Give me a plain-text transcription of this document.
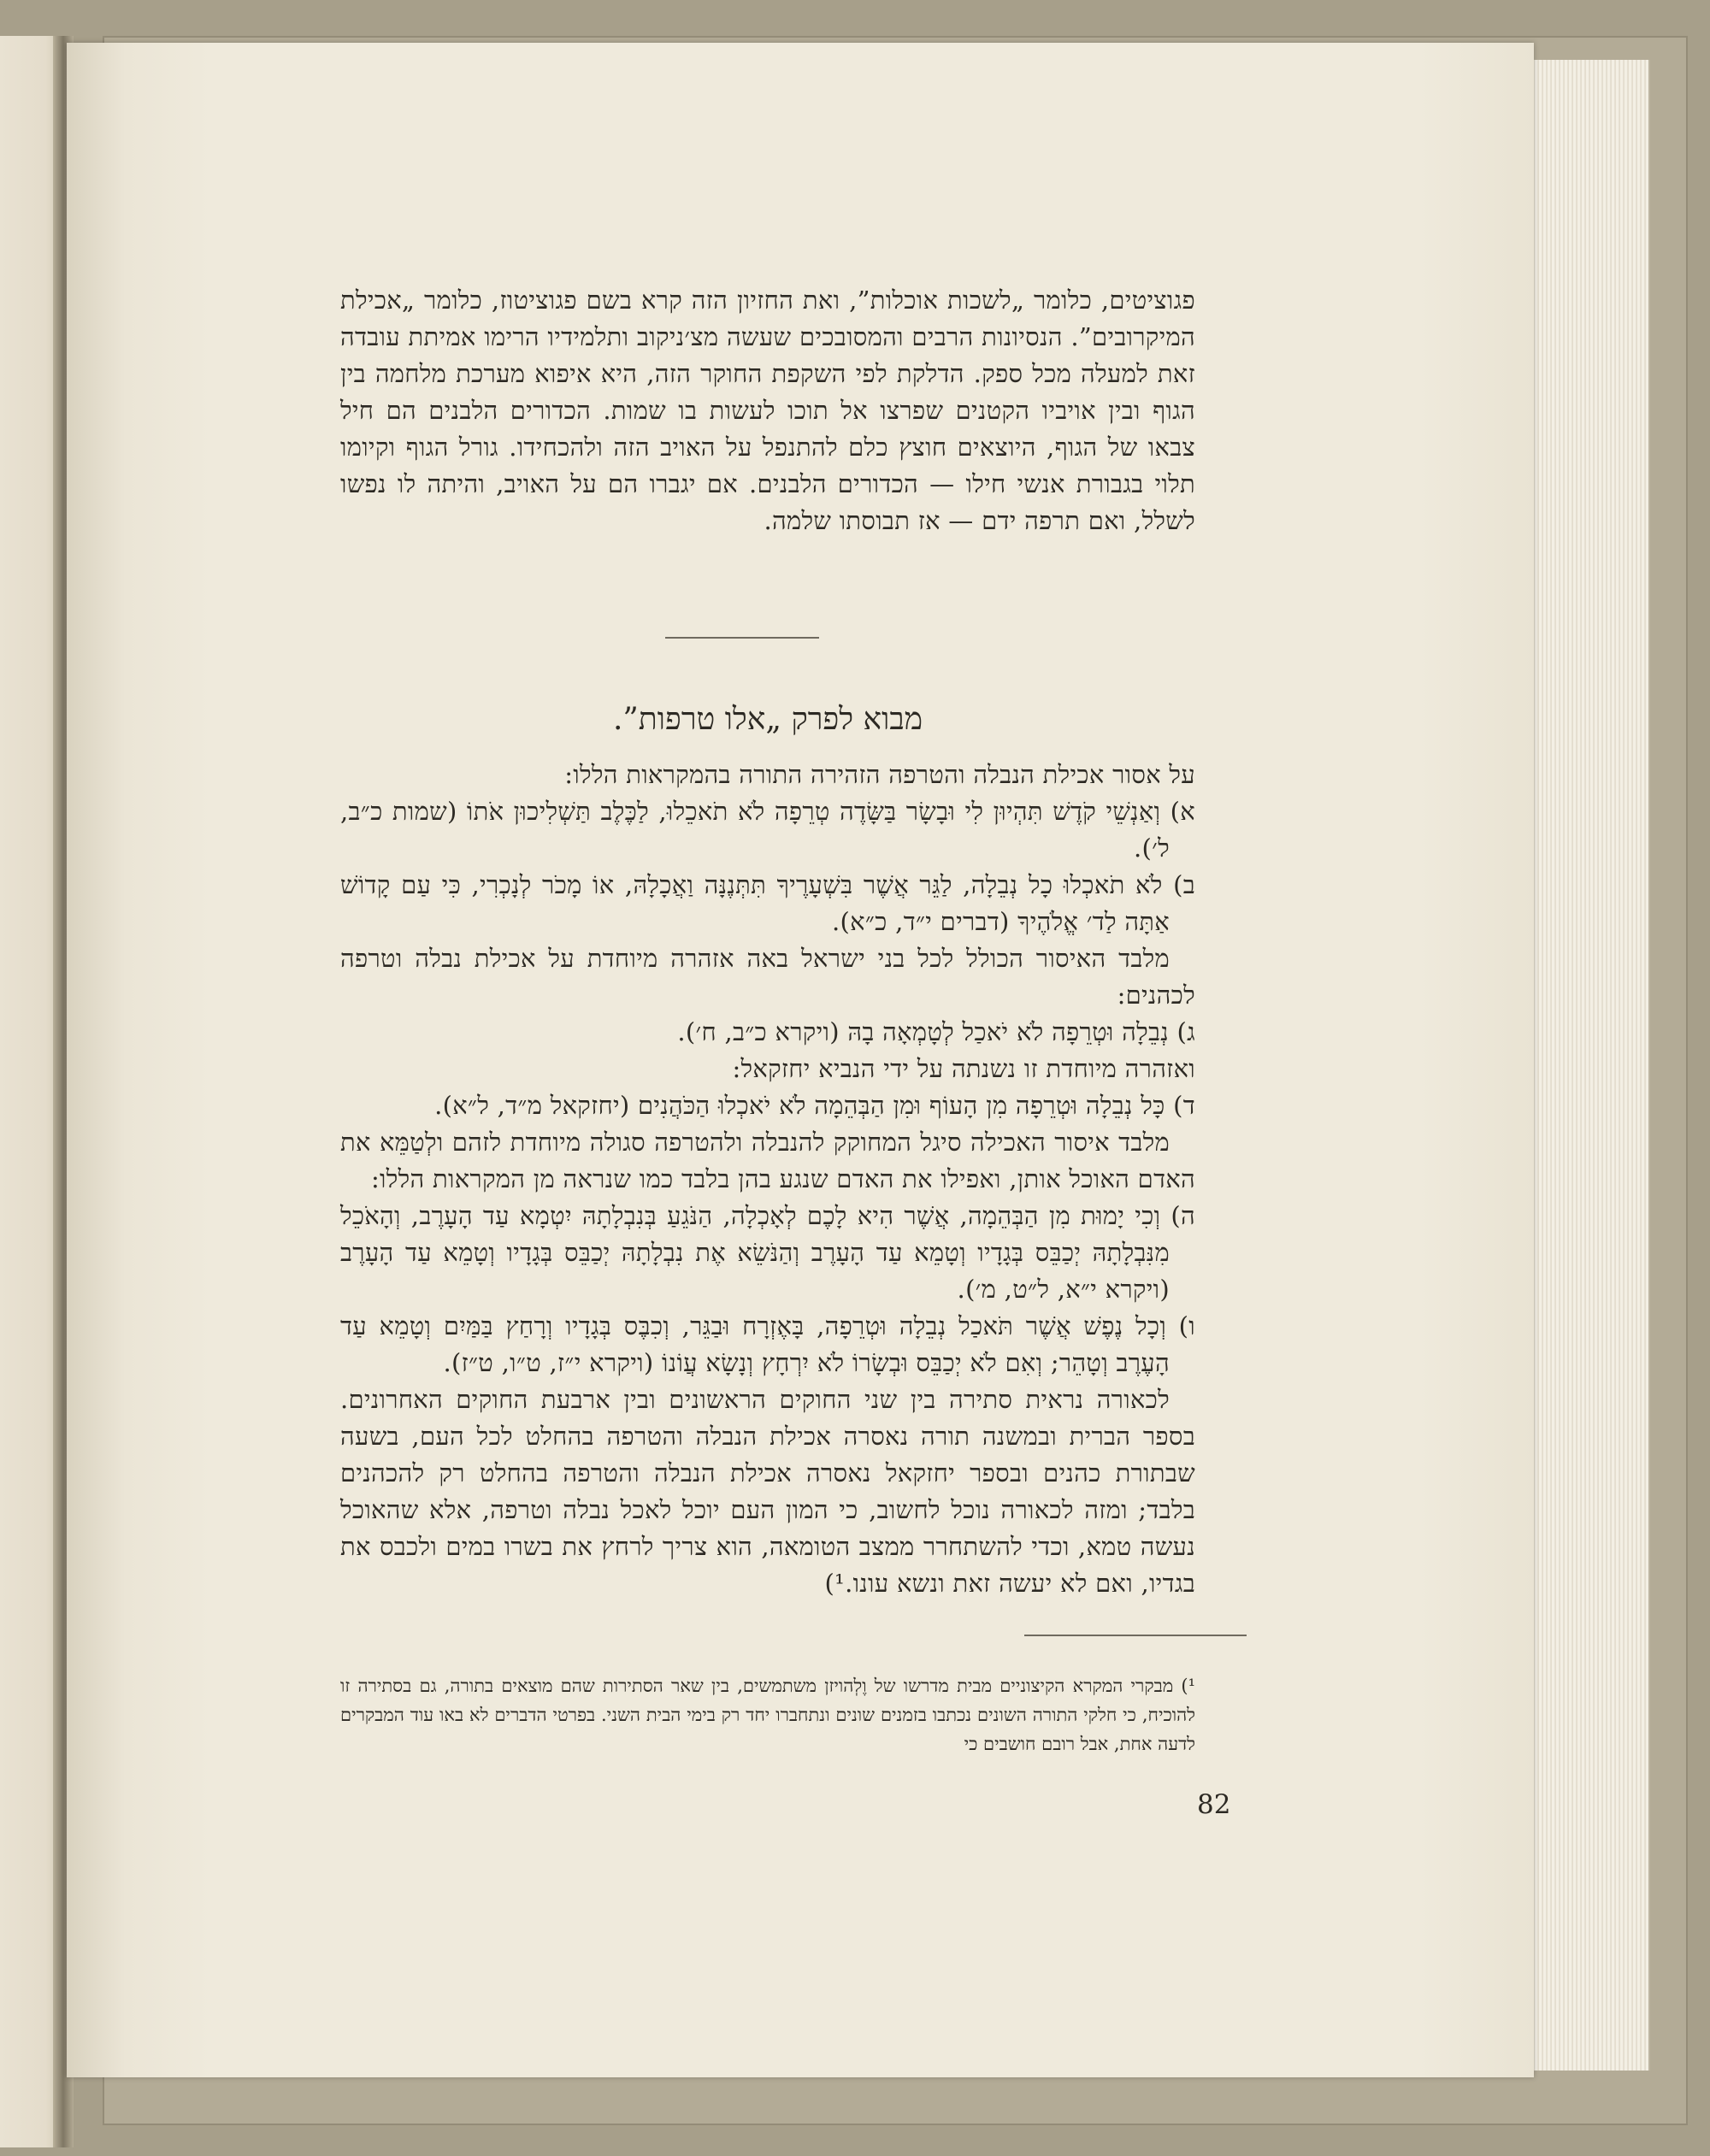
פגוציטים, כלומר „לשכות אוכלות”, ואת החזיון הזה קרא בשם פגוציטוז, כלומר „אכילת המיקרובים”. הנסיונות הרבים והמסובכים שעשה מצ׳ניקוב ותלמידיו הרימו אמיתת עובדה זאת למעלה מכל ספק. הדלקת לפי השקפת החוקר הזה, היא איפוא מערכת מלחמה בין הגוף ובין אויביו הקטנים שפרצו אל תוכו לעשות בו שמות. הכדורים הלבנים הם חיל צבאו של הגוף, היוצאים חוצץ כלם להתנפל על האויב הזה ולהכחידו. גורל הגוף וקיומו תלוי בגבורת אנשי חילו — הכדורים הלבנים. אם יגברו הם על האויב, והיתה לו נפשו לשלל, ואם תרפה ידם — אז תבוסתו שלמה.

מבוא לפרק „אלו טרפות”.

על אסור אכילת הנבלה והטרפה הזהירה התורה בהמקראות הללו:

א) וְאַנְשֵׁי קֹדֶשׁ תִּהְיוּן לִי וּבָשָׂר בַּשָּׂדֶה טְרֵפָה לֹא תֹאכֵלוּ, לַכֶּלֶב תַּשְׁלִיכוּן אֹתוֹ (שמות כ״ב, ל׳).

ב) לֹא תֹאכְלוּ כָל נְבֵלָה, לַגֵּר אֲשֶׁר בִּשְׁעָרֶיךָ תִּתְּנֶנָּה וַאֲכָלָהּ, אוֹ מָכֹר לְנָכְרִי, כִּי עַם קָדוֹשׁ אַתָּה לַד׳ אֱלֹהֶיךָ (דברים י״ד, כ״א).

מלבד האיסור הכולל לכל בני ישראל באה אזהרה מיוחדת על אכילת נבלה וטרפה לכהנים:

ג) נְבֵלָה וּטְרֵפָה לֹא יֹאכַל לְטָמְאָה בָהּ (ויקרא כ״ב, ח׳).

ואזהרה מיוחדת זו נשנתה על ידי הנביא יחזקאל:

ד) כָּל נְבֵלָה וּטְרֵפָה מִן הָעוֹף וּמִן הַבְּהֵמָה לֹא יֹאכְלוּ הַכֹּהֲנִים (יחזקאל מ״ד, ל״א).

מלבד איסור האכילה סיגל המחוקק להנבלה ולהטרפה סגולה מיוחדת לזהם ולְטַמֵּא את האדם האוכל אותן, ואפילו את האדם שנגע בהן בלבד כמו שנראה מן המקראות הללו:

ה) וְכִי יָמוּת מִן הַבְּהֵמָה, אֲשֶׁר הִיא לָכֶם לְאָכְלָה, הַנֹּגֵעַ בְּנִבְלָתָהּ יִטְמָא עַד הָעָרֶב, וְהָאֹכֵל מִנִּבְלָתָהּ יְכַבֵּס בְּגָדָיו וְטָמֵא עַד הָעָרֶב וְהַנֹּשֵׂא אֶת נִבְלָתָהּ יְכַבֵּס בְּגָדָיו וְטָמֵא עַד הָעָרֶב (ויקרא י״א, ל״ט, מ׳).

ו) וְכָל נֶפֶשׁ אֲשֶׁר תֹּאכַל נְבֵלָה וּטְרֵפָה, בָּאֶזְרָח וּבַגֵּר, וְכִבֶּס בְּגָדָיו וְרָחַץ בַּמַּיִם וְטָמֵא עַד הָעֶרֶב וְטָהֵר; וְאִם לֹא יְכַבֵּס וּבְשָׂרוֹ לֹא יִרְחָץ וְנָשָׂא עֲוֹנוֹ (ויקרא י״ז, ט״ו, ט״ז).

לכאורה נראית סתירה בין שני החוקים הראשונים ובין ארבעת החוקים האחרונים. בספר הברית ובמשנה תורה נאסרה אכילת הנבלה והטרפה בהחלט לכל העם, בשעה שבתורת כהנים ובספר יחזקאל נאסרה אכילת הנבלה והטרפה בהחלט רק להכהנים בלבד; ומזה לכאורה נוכל לחשוב, כי המון העם יוכל לאכל נבלה וטרפה, אלא שהאוכל נעשה טמא, וכדי להשתחרר ממצב הטומאה, הוא צריך לרחץ את בשרו במים ולכבס את בגדיו, ואם לא יעשה זאת ונשא עונו.¹)

¹) מבקרי המקרא הקיצוניים מבית מדרשו של וֶלְהויזן משתמשים, בין שאר הסתירות שהם מוצאים בתורה, גם בסתירה זו להוכיח, כי חלקי התורה השונים נכתבו בזמנים שונים ונתחברו יחד רק בימי הבית השני. בפרטי הדברים לא באו עוד המבקרים לדעה אחת, אבל רובם חושבים כי

82
